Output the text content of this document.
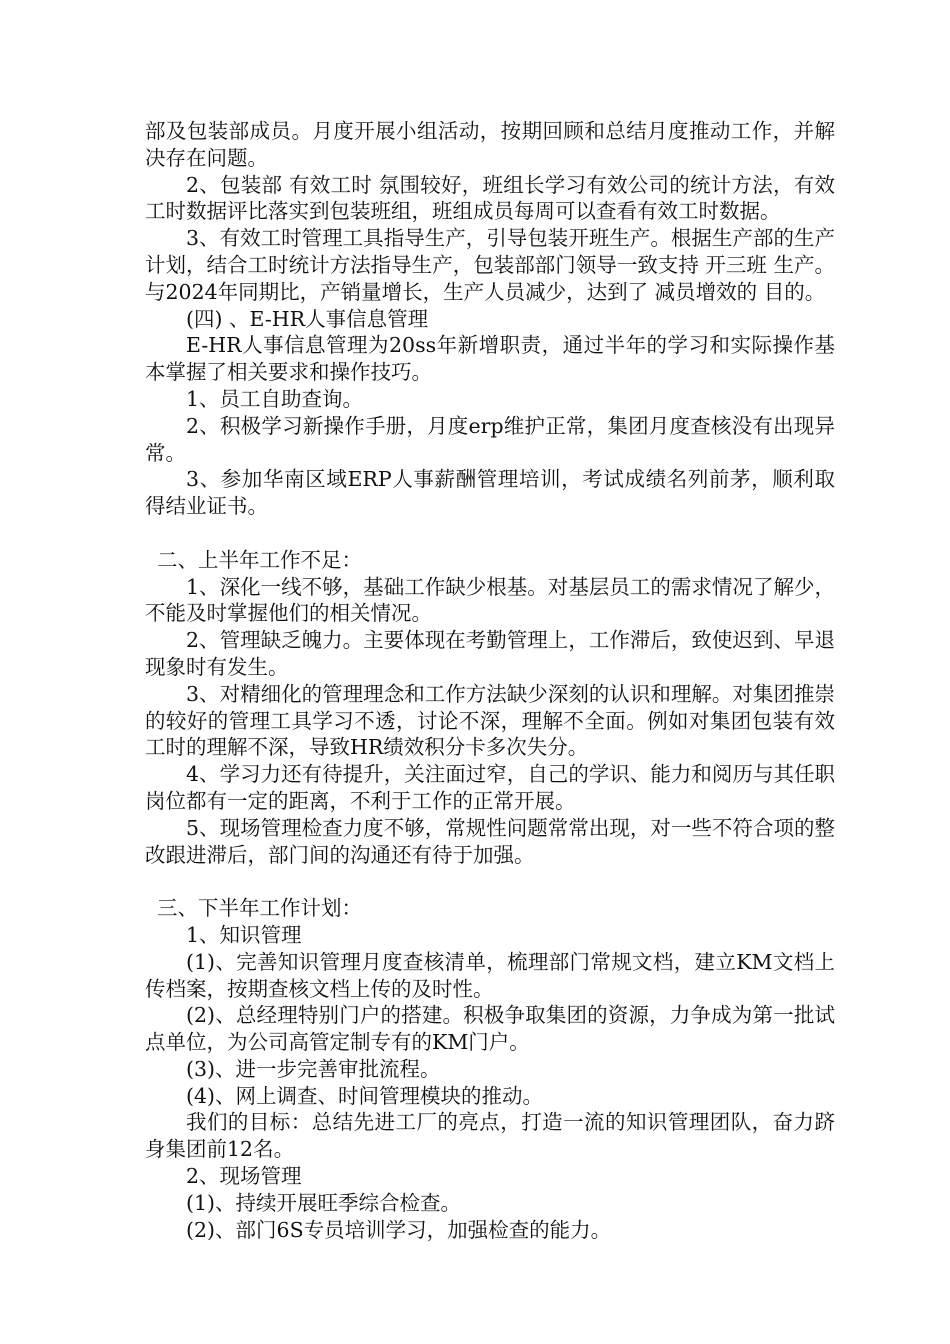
部及包装部成员。月度开展小组活动，按期回顾和总结月度推动工作，并解决存在问题。

2、包装部 有效工时 氛围较好，班组长学习有效公司的统计方法，有效工时数据评比落实到包装班组，班组成员每周可以查看有效工时数据。

3、有效工时管理工具指导生产，引导包装开班生产。根据生产部的生产计划，结合工时统计方法指导生产，包装部部门领导一致支持 开三班 生产。与2024年同期比，产销量增长，生产人员减少，达到了 减员增效的 目的。

(四) 、E-HR人事信息管理

E-HR人事信息管理为20ss年新增职责，通过半年的学习和实际操作基本掌握了相关要求和操作技巧。

1、员工自助查询。

2、积极学习新操作手册，月度erp维护正常，集团月度查核没有出现异常。

3、参加华南区域ERP人事薪酬管理培训，考试成绩名列前茅，顺利取得结业证书。

二、上半年工作不足：

1、深化一线不够，基础工作缺少根基。对基层员工的需求情况了解少，不能及时掌握他们的相关情况。

2、管理缺乏魄力。主要体现在考勤管理上，工作滞后，致使迟到、早退现象时有发生。

3、对精细化的管理理念和工作方法缺少深刻的认识和理解。对集团推崇的较好的管理工具学习不透，讨论不深，理解不全面。例如对集团包装有效工时的理解不深，导致HR绩效积分卡多次失分。

4、学习力还有待提升，关注面过窄，自己的学识、能力和阅历与其任职岗位都有一定的距离，不利于工作的正常开展。

5、现场管理检查力度不够，常规性问题常常出现，对一些不符合项的整改跟进滞后，部门间的沟通还有待于加强。

三、下半年工作计划：

1、知识管理

(1)、完善知识管理月度查核清单，梳理部门常规文档，建立KM文档上传档案，按期查核文档上传的及时性。

(2)、总经理特别门户的搭建。积极争取集团的资源，力争成为第一批试点单位，为公司高管定制专有的KM门户。

(3)、进一步完善审批流程。

(4)、网上调查、时间管理模块的推动。

我们的目标：总结先进工厂的亮点，打造一流的知识管理团队，奋力跻身集团前12名。

2、现场管理

(1)、持续开展旺季综合检查。

(2)、部门6S专员培训学习，加强检查的能力。
